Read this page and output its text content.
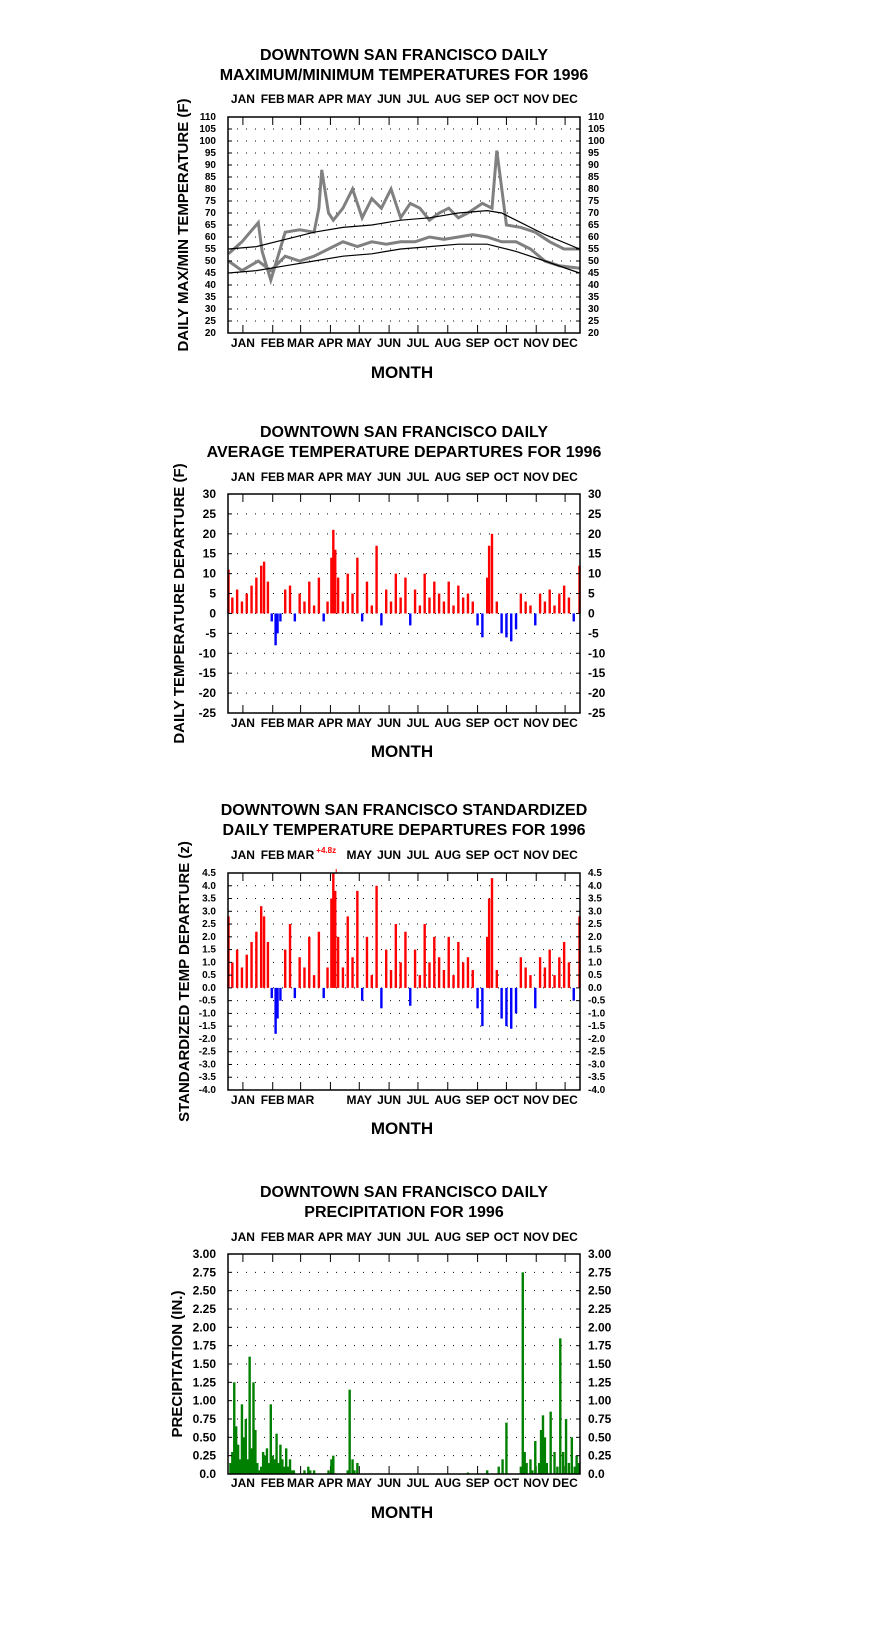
DOWNTOWN SAN FRANCISCO DAILY
MAXIMUM/MINIMUM TEMPERATURES FOR 1996
110	110
105	105
100	100
95	95
90	90
85	85
80	80
75	75
70	70
65	65
60	60
55	55
50	50
45	45
40	40
35	35
30	30
25	25
20	20
JAN
JAN
FEB
FEB
MAR
MAR
APR
APR
MAY
MAY
JUN
JUN
JUL
JUL
AUG
AUG
SEP
SEP
OCT
OCT
NOV
NOV
DEC
DEC
DAILY MAX/MIN TEMPERATURE (F)
MONTH
DOWNTOWN SAN FRANCISCO DAILY
AVERAGE TEMPERATURE DEPARTURES FOR 1996
30	30
25	25
20	20
15	15
10	10
5	5
0	0
-5	-5
-10	-10
-15	-15
-20	-20
-25	-25
JAN
JAN
FEB
FEB
MAR
MAR
APR
APR
MAY
MAY
JUN
JUN
JUL
JUL
AUG
AUG
SEP
SEP
OCT
OCT
NOV
NOV
DEC
DEC
DAILY TEMPERATURE DEPARTURE (F)
MONTH
DOWNTOWN SAN FRANCISCO STANDARDIZED
DAILY TEMPERATURE DEPARTURES FOR 1996
+4.8z
4.5	4.5
4.0	4.0
3.5	3.5
3.0	3.0
2.5	2.5
2.0	2.0
1.5	1.5
1.0	1.0
0.5	0.5
0.0	0.0
-0.5	-0.5
-1.0	-1.0
-1.5	-1.5
-2.0	-2.0
-2.5	-2.5
-3.0	-3.0
-3.5	-3.5
-4.0	-4.0
JAN
JAN
FEB
FEB
MAR
MAR
MAY
MAY
JUN
JUN
JUL
JUL
AUG
AUG
SEP
SEP
OCT
OCT
NOV
NOV
DEC
DEC
STANDARDIZED TEMP DEPARTURE (z)
MONTH
DOWNTOWN SAN FRANCISCO DAILY
PRECIPITATION FOR 1996
3.00	3.00
2.75	2.75
2.50	2.50
2.25	2.25
2.00	2.00
1.75	1.75
1.50	1.50
1.25	1.25
1.00	1.00
0.75	0.75
0.50	0.50
0.25	0.25
0.0	0.0
JAN
JAN
FEB
FEB
MAR
MAR
APR
APR
MAY
MAY
JUN
JUN
JUL
JUL
AUG
AUG
SEP
SEP
OCT
OCT
NOV
NOV
DEC
DEC
PRECIPITATION (IN.)
MONTH
